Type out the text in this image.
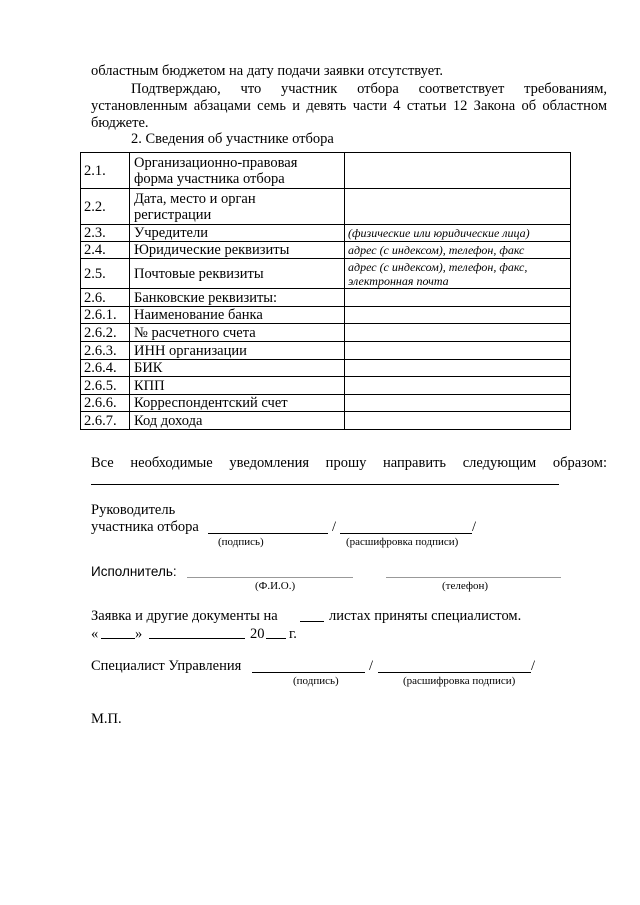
областным бюджетом на дату подачи заявки отсутствует.
Подтверждаю, что участник отбора соответствует требованиям,
установленным абзацами семь и девять части 4 статьи 12 Закона об областном
бюджете.
2. Сведения об участнике отбора
2.1.	Организационно-правовая
форма участника отбора	

2.2.	Дата, место и орган
регистрации	

2.3.	Учредители	(физические или юридические лица)

2.4.	Юридические реквизиты	адрес (с индексом), телефон, факс

2.5.	Почтовые реквизиты	адрес (с индексом), телефон, факс,
электронная почта

2.6.	Банковские реквизиты:	

2.6.1.	Наименование банка	

2.6.2.	№ расчетного счета	

2.6.3.	ИНН организации	

2.6.4.	БИК	

2.6.5.	КПП	

2.6.6.	Корреспондентский счет	

2.6.7.	Код дохода	

Все необходимые уведомления прошу направить следующим образом:
Руководитель
участника отбора	/	/
(подпись)	(расшифровка подписи)
Исполнитель:
(Ф.И.О.)	(телефон)
Заявка и другие документы на	листах приняты специалистом.
«	»	20 г.
Специалист Управления	/	/
(подпись)	(расшифровка подписи)
М.П.
